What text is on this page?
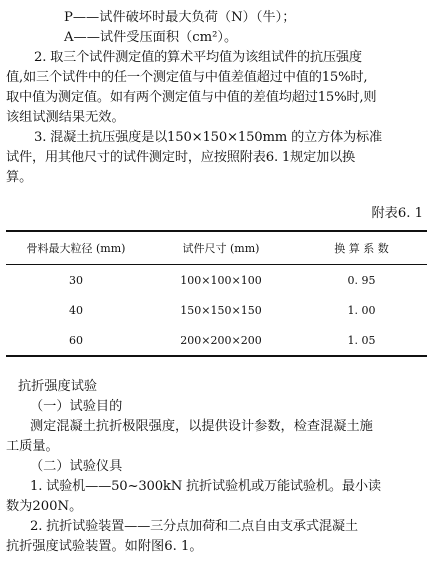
P——试件破坏时最大负荷（N）（牛）；
A——试件受压面积（cm²）。
2. 取三个试件测定值的算术平均值为该组试件的抗压强度
值,如三个试件中的任一个测定值与中值差值超过中值的15%时,
取中值为测定值。如有两个测定值与中值的差值均超过15%时,则
该组试测结果无效。
3. 混凝土抗压强度是以150×150×150mm 的立方体为标准
试件，用其他尺寸的试件测定时，应按照附表6. 1规定加以换
算。
附表6. 1
骨料最大粒径 (mm)	试件尺寸 (mm)	换 算 系 数
30	100×100×100	0. 95
40	150×150×150	1. 00
60	200×200×200	1. 05
抗折强度试验
（一）试验目的
测定混凝土抗折极限强度，以提供设计参数，检查混凝土施
工质量。
（二）试验仪具
1. 试验机——50~300kN 抗折试验机或万能试验机。最小读
数为200N。
2. 抗折试验装置——三分点加荷和二点自由支承式混凝土
抗折强度试验装置。如附图6. 1。
